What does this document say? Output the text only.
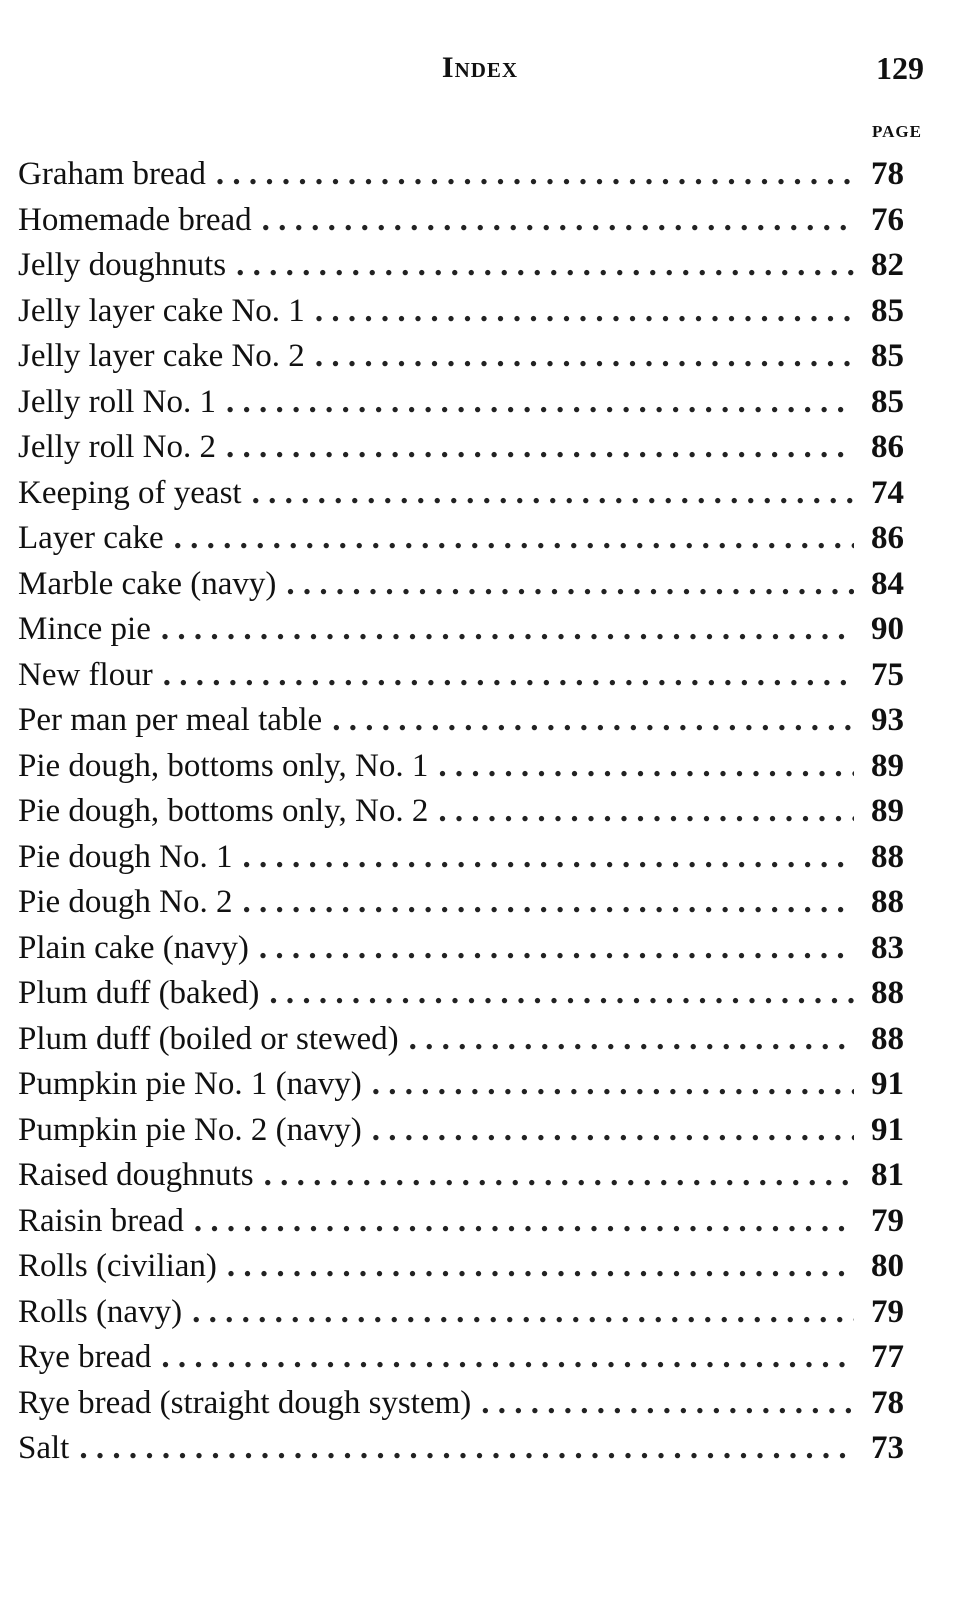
Index	129
PAGE
Graham bread . . .	78
Homemade bread . . .	76
Jelly doughnuts . . .	82
Jelly layer cake No. 1 . . .	85
Jelly layer cake No. 2 . . .	85
Jelly roll No. 1 . . .	85
Jelly roll No. 2 . . .	86
Keeping of yeast . . .	74
Layer cake . . .	86
Marble cake (navy) . . .	84
Mince pie . . .	90
New flour . . .	75
Per man per meal table . . .	93
Pie dough, bottoms only, No. 1 . . .	89
Pie dough, bottoms only, No. 2 . . .	89
Pie dough No. 1 . . .	88
Pie dough No. 2 . . .	88
Plain cake (navy) . . .	83
Plum duff (baked) . . .	88
Plum duff (boiled or stewed) . . .	88
Pumpkin pie No. 1 (navy) . . .	91
Pumpkin pie No. 2 (navy) . . .	91
Raised doughnuts . . .	81
Raisin bread . . .	79
Rolls (civilian) . . .	80
Rolls (navy) . . .	79
Rye bread . . .	77
Rye bread (straight dough system) . . .	78
Salt . . .	73
